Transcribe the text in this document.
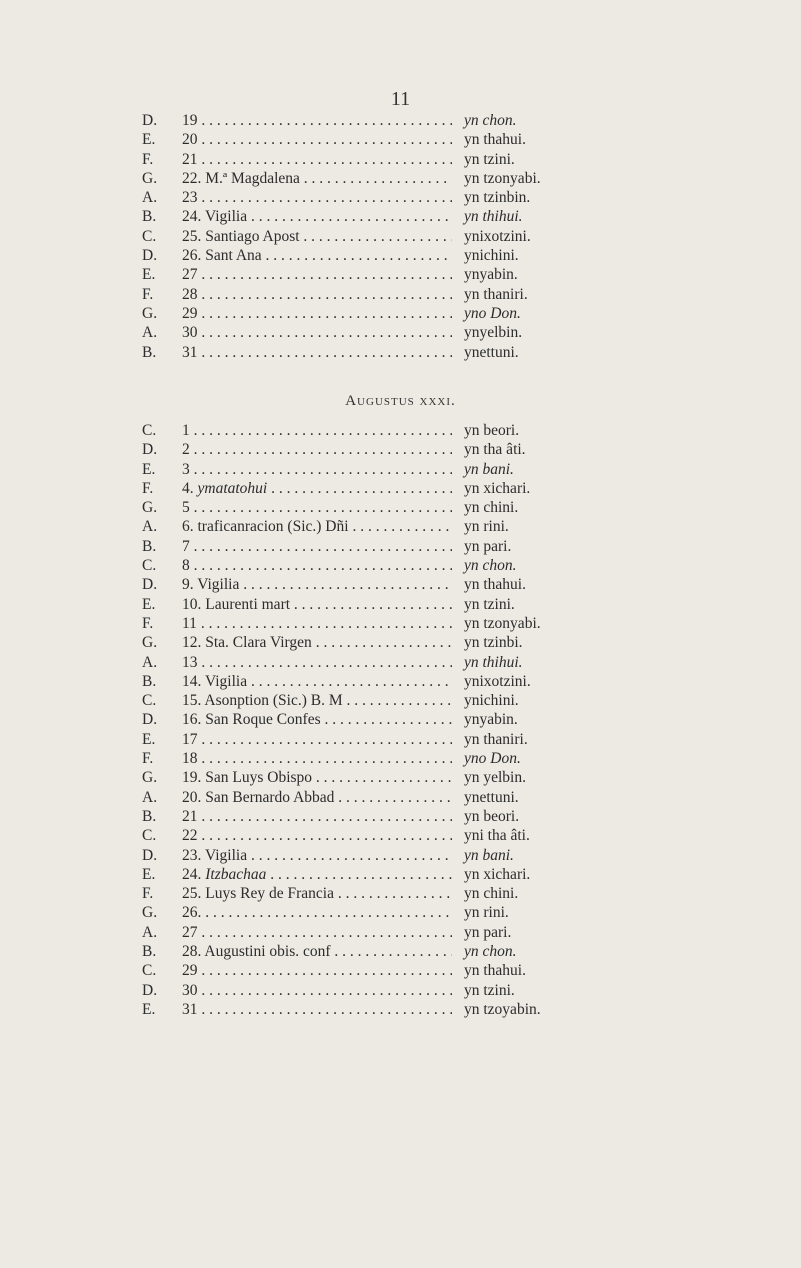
11
D.	19 . . .	yn chon.
E.	20 . . .	yn thahui.
F.	21 . . .	yn tzini.
G.	22. M.ª Magdalena . . .	yn tzonyabi.
A.	23 . . .	yn tzinbin.
B.	24. Vigilia . . .	yn thihui.
C.	25. Santiago Apost . . .	ynixotzini.
D.	26. Sant Ana . . .	ynichini.
E.	27 . . .	ynyabin.
F.	28 . . .	yn thaniri.
G.	29 . . .	yno Don.
A.	30 . . .	ynyelbin.
B.	31 . . .	ynettuni.
Augustus xxxi.
C.	1 . . .	yn beori.
D.	2 . . .	yn tha âti.
E.	3 . . .	yn bani.
F.	4. ymatatohui . . .	yn xichari.
G.	5 . . .	yn chini.
A.	6. traficanracion (Sic.) Dñi . . .	yn rini.
B.	7 . . .	yn pari.
C.	8 . . .	yn chon.
D.	9. Vigilia . . .	yn thahui.
E.	10. Laurenti mart . . .	yn tzini.
F.	11 . . .	yn tzonyabi.
G.	12. Sta. Clara Virgen . . .	yn tzinbi.
A.	13 . . .	yn thihui.
B.	14. Vigilia . . .	ynixotzini.
C.	15. Asonption (Sic.) B. M . . .	ynichini.
D.	16. San Roque Confes . . .	ynyabin.
E.	17 . . .	yn thaniri.
F.	18 . . .	yno Don.
G.	19. San Luys Obispo . . .	yn yelbin.
A.	20. San Bernardo Abbad . . .	ynettuni.
B.	21 . . .	yn beori.
C.	22 . . .	yni tha âti.
D.	23. Vigilia . . .	yn bani.
E.	24. Itzbachaa . . .	yn xichari.
F.	25. Luys Rey de Francia . . .	yn chini.
G.	26. . . .	yn rini.
A.	27 . . .	yn pari.
B.	28. Augustini obis. conf . . .	yn chon.
C.	29 . . .	yn thahui.
D.	30 . . .	yn tzini.
E.	31 . . .	yn tzoyabin.
